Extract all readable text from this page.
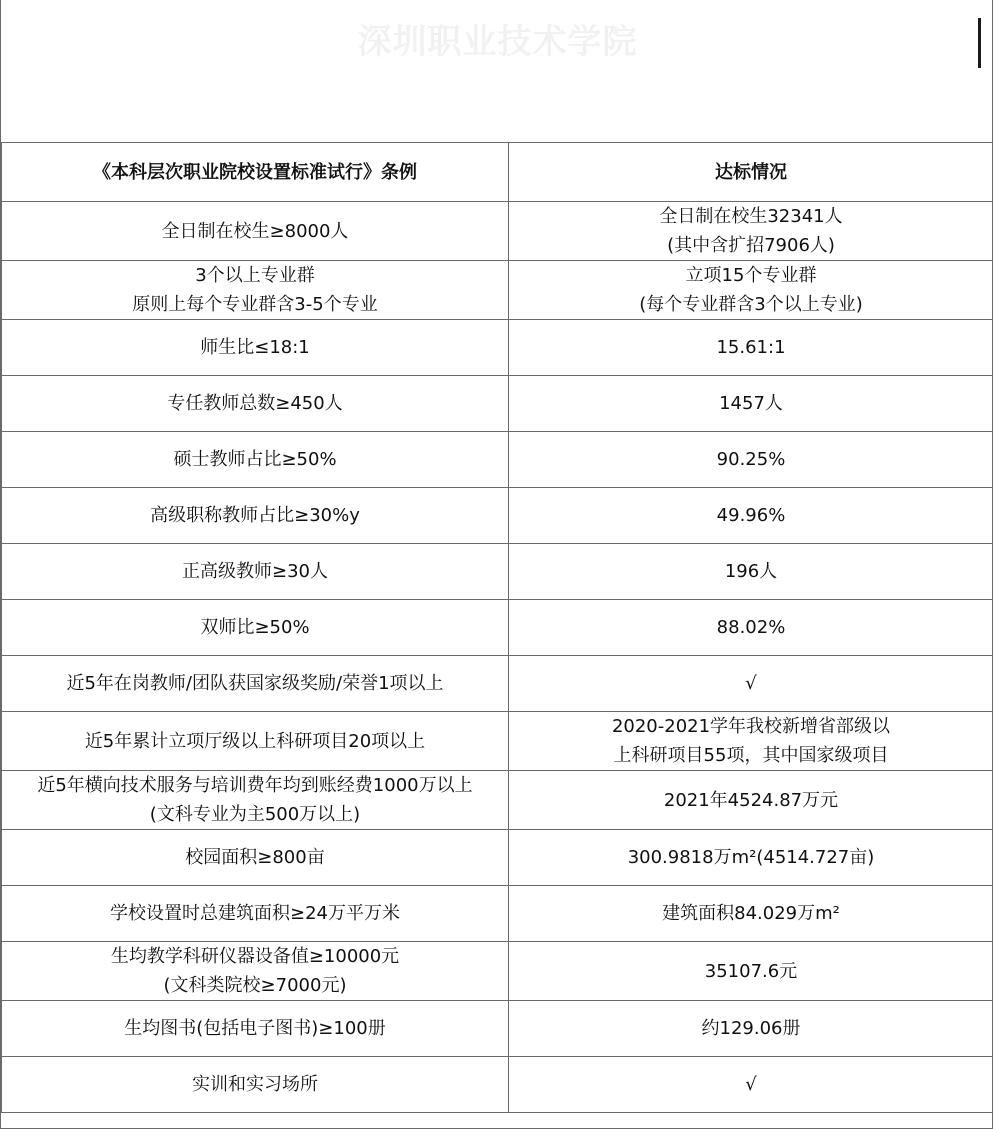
深圳职业技术学院
《本科层次职业院校设置标准试行》条例	达标情况

全日制在校生≥8000人	全日制在校生32341人
(其中含扩招7906人)

3个以上专业群
原则上每个专业群含3-5个专业	立项15个专业群
(每个专业群含3个以上专业)

师生比≤18:1	15.61:1

专任教师总数≥450人	1457人

硕士教师占比≥50%	90.25%

高级职称教师占比≥30%y	49.96%

正高级教师≥30人	196人

双师比≥50%	88.02%

近5年在岗教师/团队获国家级奖励/荣誉1项以上	√

近5年累计立项厅级以上科研项目20项以上	2020-2021学年我校新增省部级以
上科研项目55项，其中国家级项目

近5年横向技术服务与培训费年均到账经费1000万以上
(文科专业为主500万以上)	2021年4524.87万元

校园面积≥800亩	300.9818万m²(4514.727亩)

学校设置时总建筑面积≥24万平万米	建筑面积84.029万m²

生均教学科研仪器设备值≥10000元
(文科类院校≥7000元)	35107.6元

生均图书(包括电子图书)≥100册	约129.06册

实训和实习场所	√
